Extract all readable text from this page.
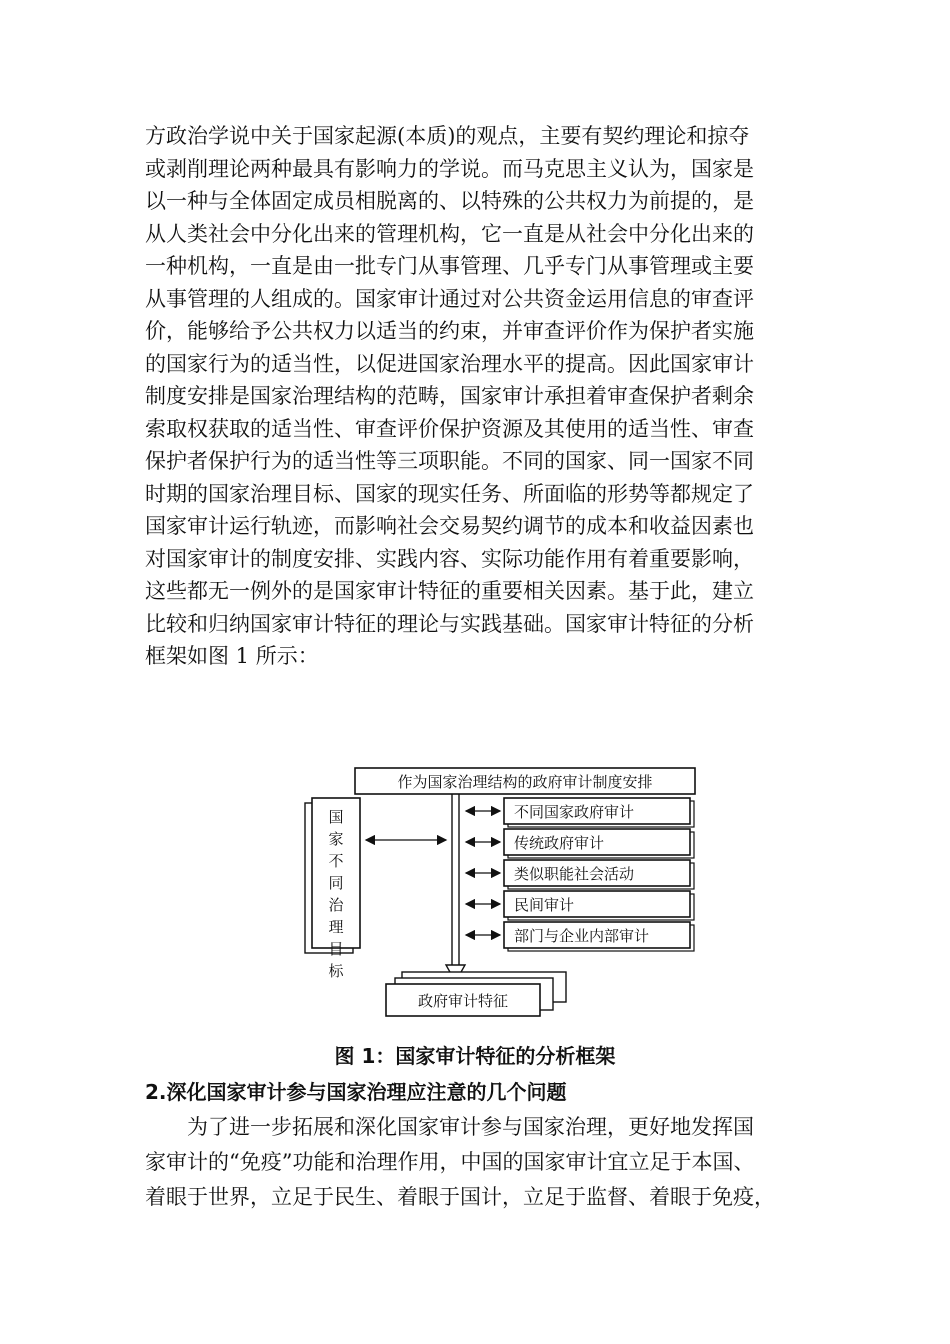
方政治学说中关于国家起源(本质)的观点，主要有契约理论和掠夺

或剥削理论两种最具有影响力的学说。而马克思主义认为，国家是

以一种与全体固定成员相脱离的、以特殊的公共权力为前提的，是

从人类社会中分化出来的管理机构，它一直是从社会中分化出来的

一种机构，一直是由一批专门从事管理、几乎专门从事管理或主要

从事管理的人组成的。国家审计通过对公共资金运用信息的审查评

价，能够给予公共权力以适当的约束，并审查评价作为保护者实施

的国家行为的适当性，以促进国家治理水平的提高。因此国家审计

制度安排是国家治理结构的范畴，国家审计承担着审查保护者剩余

索取权获取的适当性、审查评价保护资源及其使用的适当性、审查

保护者保护行为的适当性等三项职能。不同的国家、同一国家不同

时期的国家治理目标、国家的现实任务、所面临的形势等都规定了

国家审计运行轨迹，而影响社会交易契约调节的成本和收益因素也

对国家审计的制度安排、实践内容、实际功能作用有着重要影响，

这些都无一例外的是国家审计特征的重要相关因素。基于此，建立

比较和归纳国家审计特征的理论与实践基础。国家审计特征的分析

框架如图 1 所示：

作为国家治理结构的政府审计制度安排
国
家
不
同
治
理
目
标
不同国家政府审计
传统政府审计
类似职能社会活动
民间审计
部门与企业内部审计
政府审计特征
图 1：国家审计特征的分析框架
2.深化国家审计参与国家治理应注意的几个问题

　　为了进一步拓展和深化国家审计参与国家治理，更好地发挥国

家审计的“免疫”功能和治理作用，中国的国家审计宜立足于本国、

着眼于世界，立足于民生、着眼于国计，立足于监督、着眼于免疫，
